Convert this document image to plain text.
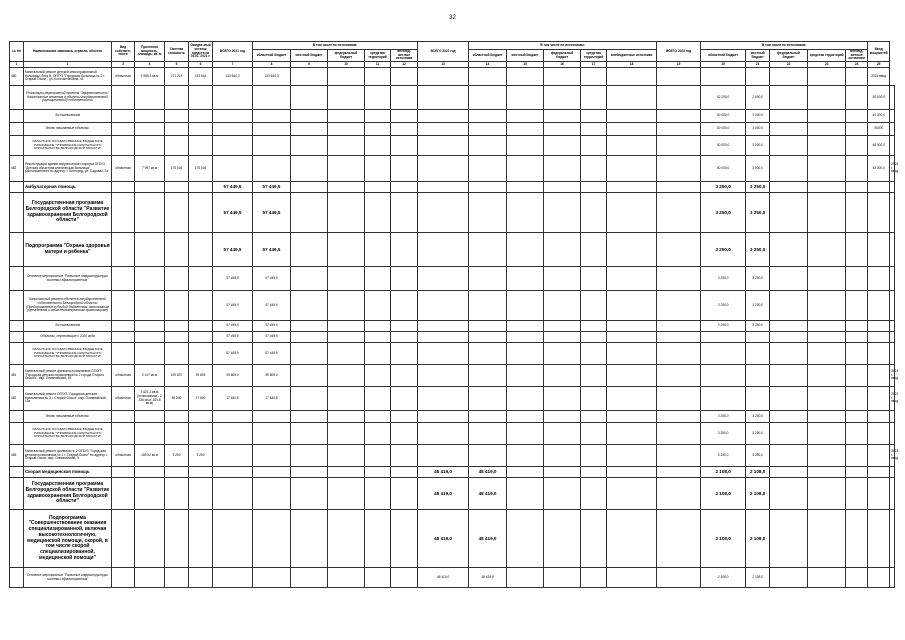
32
№ пп	Наименование заказчика, отрасли, объекта	Вид собствен-ности	Проектная мощность, площадь, кв. м	Сметная стоимость	Ожидае-мый остаток средств на 01.01. 2021 г.	ВСЕГО 2021 год	В том числе по источникам:					ВСЕГО 2022 год	В том числе по источникам:					ВСЕГО 2023 год	В том числе по источникам:					Ввод мощностей	
							областной бюджет	местный бюджет	федеральный бюджет	средства территорий	внебюд-жетные источники		областной бюджет	местный бюджет	федеральный бюджет	средства терри-торий	внебюджетные источники		областной бюджет	местный бюджет	федеральный бюджет	средства территорий	внебюд-жетные источники		
1	2	3	4	5	6	7	8	9	10	11	12	13	14	15	16	17	18	19	20	21	22	23	24	25	
480	Капитальный ремонт детской многопрофильной больницы, блок В, ОГБУЗ "Городская больница № 2 г. Старый Оскол", ул. Константиновна, 41	областная	5 985,3 кв.м	271 214	133 644	133 644,3	133 644,3																	2021 ввод	
	Реализация мероприятий проекта "Эффективность" Капитальные вложения в объекты государственной (муниципальной) собственности																		52 200,0	2 000,0				50 000,0	
	За соглашением																		50 000,0	3 000,0				45 000,0	
	Вновь начинаемые объекты																		50 000,0	3 000,0				50000	
	ОБЛАСТНОЕ ГОСУДАРСТВЕННОЕ БЮДЖЕТНОЕ УЧРЕЖДЕНИЕ "УПРАВЛЕНИЕ КАПИТАЛЬНОГО СТРОИТЕЛЬСТВА БЕЛГОРОДСКОЙ ОБЛАСТИ"																		50 000,0	3 000,0				48 000,0	
482	Реконструкция здания хирургического корпуса ОГБУЗ "Детская областная клиническая больница", расположенного по адресу: г. Белгород, ул. Садовая, 7а	областная	7 997 кв.м	175 004	175 004														50 000,0	3 000,0				45 000,0	2024 г. ввод
	Амбулаторная помощь					57 449,5	57 449,5												3 250,0	3 250,0					
	Государственная программа Белгородской области "Развитие здравоохранения Белгородской области"					57 449,5	57 449,5												3 250,0	3 250,0					
	Подпрограмма "Охрана здоровья матери и ребенка"					57 449,5	57 449,5												3 250,0	3 250,0					
	Основное мероприятие "Развитие инфраструктуры системы здравоохранения"					57 449,5	57 449,5												3 250,0	3 250,0					
	Капитальный ремонт объектов государственной собственности Белгородской области (Предоставление субсидий бюджетным, автономным учреждениям и иным некоммерческим организациям)					57 449,5	57 449,5												3 250,0	3 250,0					
	За соглашением					57 449,5	57 449,5												3 250,0	3 250,0					
	Объекты, переходящие с 2020 года					57 449,5	57 449,5																		
	ОБЛАСТНОЕ ГОСУДАРСТВЕННОЕ БЮДЖЕТНОЕ УЧРЕЖДЕНИЕ "УПРАВЛЕНИЕ КАПИТАЛЬНОГО СТРОИТЕЛЬСТВА БЕЛГОРОДСКОЙ ОБЛАСТИ"					57 449,5	57 449,5																		
481	Капитальный ремонт филиала поликлиники ОГБУЗ "Городская детская поликлиника № 2 города Старого Оскола", мкр. Олимпийский, 49	областная	2 147 кв.м	109 870	39 809	39 809,0	39 809,0																		2021 г. ввод
482	Капитальный ремонт ОГБУЗ "Городская детская поликлиника № 3 г. Старый Оскол", мкр. Олимпийский, 12а	областная	3 621,3 кв.м (поликлиника - 2 236 кв.м, 283,8 кв.м)	85 240	17 660	17 640,5	17 640,5																		2021 г. ввод
	Вновь начинаемые объекты																		3 250,0	3 250,0					
	ОБЛАСТНОЕ ГОСУДАРСТВЕННОЕ БЮДЖЕТНОЕ УЧРЕЖДЕНИЕ "УПРАВЛЕНИЕ КАПИТАЛЬНОГО СТРОИТЕЛЬСТВА БЕЛГОРОДСКОЙ ОБЛАСТИ"																		3 250,0	3 250,0					
483	Капитальный ремонт филиала № 2 ОГБУЗ "Городская детская поликлиника № 1 г. Старый Оскол" по адресу: г. Старый Оскол, мкр. Олимпийский, 9	областная	159,52 кв.м	3 250	3 250														3 250,0	3 250,0					2023 г. ввод
	Скорая медицинская помощь											48 419,0	48 419,0						2 108,0	2 108,0					
	Государственная программа Белгородской области "Развитие здравоохранения Белгородской области"											48 419,0	48 419,0						2 108,0	2 108,0					
	Подпрограмма "Совершенствование оказания специализированной, включая высокотехнологичную, медицинской помощи, скорой, в том числе скорой специализированной, медицинской помощи"											48 419,0	48 419,0						2 108,0	2 108,0					
	Основное мероприятие "Развитие инфраструктуры системы здравоохранения"											48 419,0	48 419,0						2 108,0	2 108,0					
